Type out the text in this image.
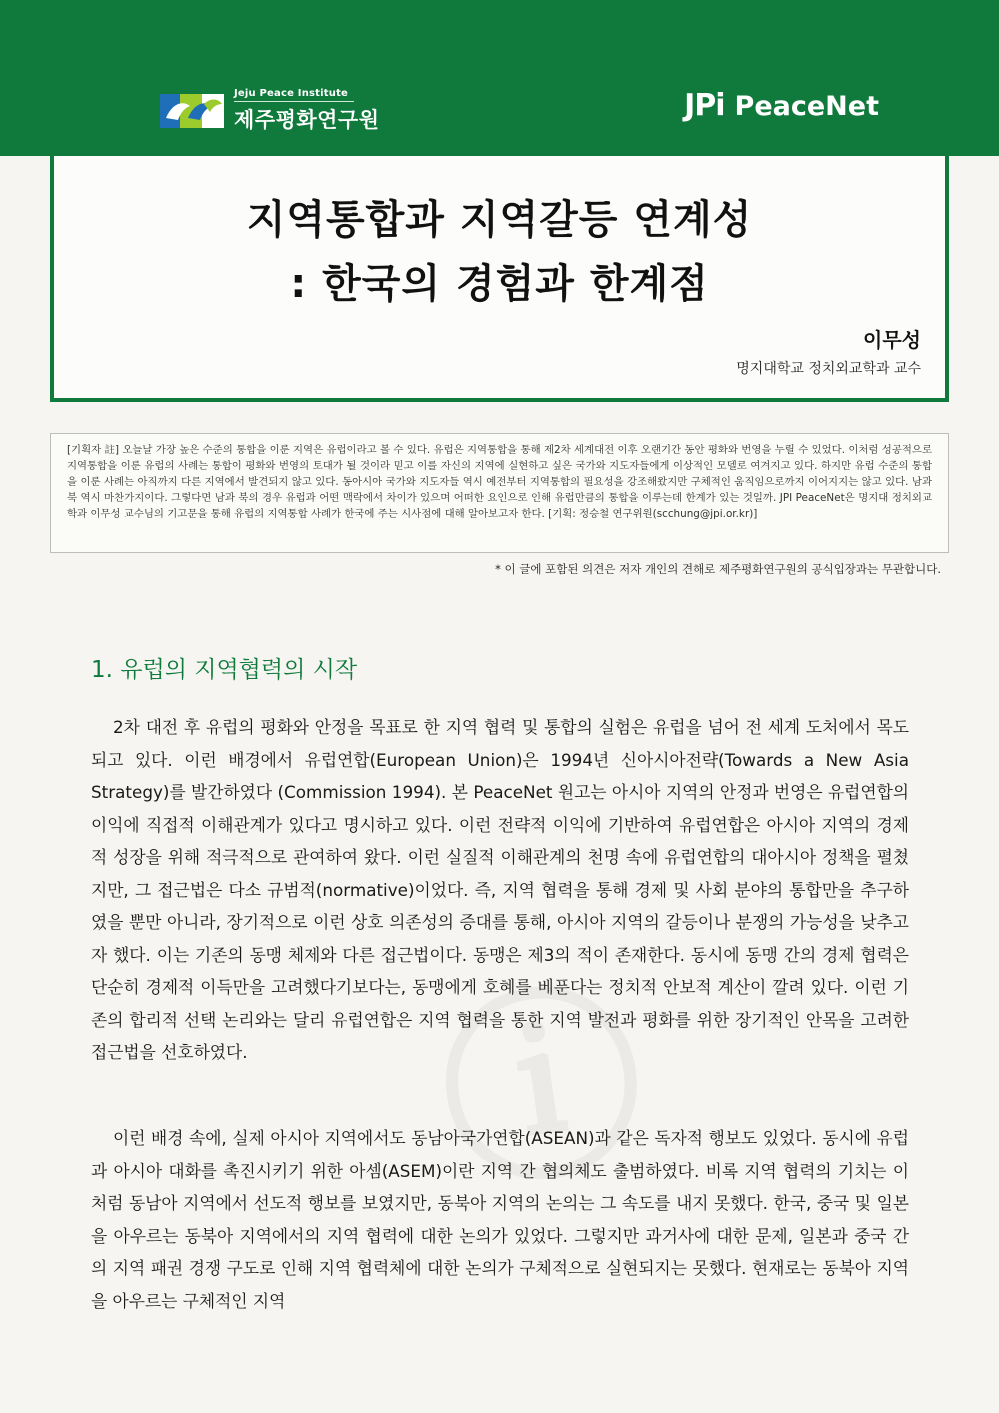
Jeju Peace Institute
제주평화연구원	JPi PeaceNet
지역통합과 지역갈등 연계성
: 한국의 경험과 한계점
이무성
명지대학교 정치외교학과 교수

[기획자 註] 오늘날 가장 높은 수준의 통합을 이룬 지역은 유럽이라고 볼 수 있다. 유럽은 지역통합을 통해 제2차 세계대전 이후 오랜기간 동안 평화와 번영을 누릴 수 있었다. 이처럼 성공적으로 지역통합을 이룬 유럽의 사례는 통합이 평화와 번영의 토대가 될 것이라 믿고 이를 자신의 지역에 실현하고 싶은 국가와 지도자들에게 이상적인 모델로 여겨지고 있다. 하지만 유럽 수준의 통합을 이룬 사례는 아직까지 다른 지역에서 발견되지 않고 있다. 동아시아 국가와 지도자들 역시 예전부터 지역통합의 필요성을 강조해왔지만 구체적인 움직임으로까지 이어지지는 않고 있다. 남과 북 역시 마찬가지이다. 그렇다면 남과 북의 경우 유럽과 어떤 맥락에서 차이가 있으며 어떠한 요인으로 인해 유럽만큼의 통합을 이루는데 한계가 있는 것일까. JPI PeaceNet은 명지대 정치외교학과 이무성 교수님의 기고문을 통해 유럽의 지역통합 사례가 한국에 주는 시사점에 대해 알아보고자 한다. [기획: 정승철 연구위원(scchung@jpi.or.kr)]

* 이 글에 포함된 의견은 저자 개인의 견해로 제주평화연구원의 공식입장과는 무관합니다.
1. 유럽의 지역협력의 시작

2차 대전 후 유럽의 평화와 안정을 목표로 한 지역 협력 및 통합의 실험은 유럽을 넘어 전 세계 도처에서 목도되고 있다. 이런 배경에서 유럽연합(European Union)은 1994년 신아시아전략(Towards a New Asia Strategy)를 발간하였다 (Commission 1994). 본 PeaceNet 원고는 아시아 지역의 안정과 번영은 유럽연합의 이익에 직접적 이해관계가 있다고 명시하고 있다. 이런 전략적 이익에 기반하여 유럽연합은 아시아 지역의 경제적 성장을 위해 적극적으로 관여하여 왔다. 이런 실질적 이해관계의 천명 속에 유럽연합의 대아시아 정책을 펼쳤지만, 그 접근법은 다소 규범적(normative)이었다. 즉, 지역 협력을 통해 경제 및 사회 분야의 통합만을 추구하였을 뿐만 아니라, 장기적으로 이런 상호 의존성의 증대를 통해, 아시아 지역의 갈등이나 분쟁의 가능성을 낮추고자 했다. 이는 기존의 동맹 체제와 다른 접근법이다. 동맹은 제3의 적이 존재한다. 동시에 동맹 간의 경제 협력은 단순히 경제적 이득만을 고려했다기보다는, 동맹에게 호혜를 베푼다는 정치적 안보적 계산이 깔려 있다. 이런 기존의 합리적 선택 논리와는 달리 유럽연합은 지역 협력을 통한 지역 발전과 평화를 위한 장기적인 안목을 고려한 접근법을 선호하였다.

이런 배경 속에, 실제 아시아 지역에서도 동남아국가연합(ASEAN)과 같은 독자적 행보도 있었다. 동시에 유럽과 아시아 대화를 촉진시키기 위한 아셈(ASEM)이란 지역 간 협의체도 출범하였다. 비록 지역 협력의 기치는 이처럼 동남아 지역에서 선도적 행보를 보였지만, 동북아 지역의 논의는 그 속도를 내지 못했다. 한국, 중국 및 일본을 아우르는 동북아 지역에서의 지역 협력에 대한 논의가 있었다. 그렇지만 과거사에 대한 문제, 일본과 중국 간의 지역 패권 경쟁 구도로 인해 지역 협력체에 대한 논의가 구체적으로 실현되지는 못했다. 현재로는 동북아 지역을 아우르는 구체적인 지역
